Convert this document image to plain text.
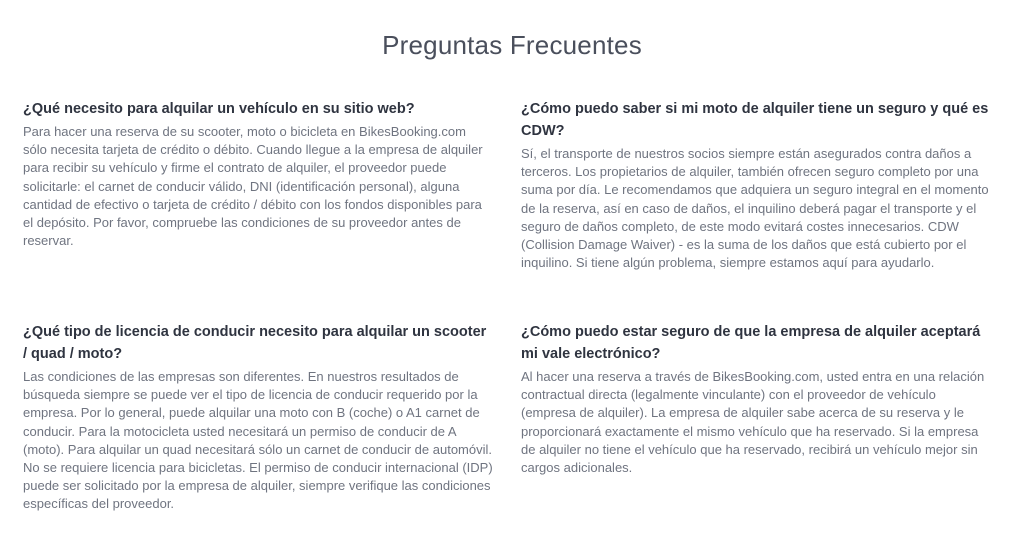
Preguntas Frecuentes
¿Qué necesito para alquilar un vehículo en su sitio web?
Para hacer una reserva de su scooter, moto o bicicleta en BikesBooking.com sólo necesita tarjeta de crédito o débito. Cuando llegue a la empresa de alquiler para recibir su vehículo y firme el contrato de alquiler, el proveedor puede solicitarle: el carnet de conducir válido, DNI (identificación personal), alguna cantidad de efectivo o tarjeta de crédito / débito con los fondos disponibles para el depósito. Por favor, compruebe las condiciones de su proveedor antes de reservar.
¿Cómo puedo saber si mi moto de alquiler tiene un seguro y qué es CDW?
Sí, el transporte de nuestros socios siempre están asegurados contra daños a terceros. Los propietarios de alquiler, también ofrecen seguro completo por una suma por día. Le recomendamos que adquiera un seguro integral en el momento de la reserva, así en caso de daños, el inquilino deberá pagar el transporte y el seguro de daños completo, de este modo evitará costes innecesarios. CDW (Collision Damage Waiver) - es la suma de los daños que está cubierto por el inquilino. Si tiene algún problema, siempre estamos aquí para ayudarlo.
¿Qué tipo de licencia de conducir necesito para alquilar un scooter / quad / moto?
Las condiciones de las empresas son diferentes. En nuestros resultados de búsqueda siempre se puede ver el tipo de licencia de conducir requerido por la empresa. Por lo general, puede alquilar una moto con B (coche) o A1 carnet de conducir. Para la motocicleta usted necesitará un permiso de conducir de A (moto). Para alquilar un quad necesitará sólo un carnet de conducir de automóvil. No se requiere licencia para bicicletas. El permiso de conducir internacional (IDP) puede ser solicitado por la empresa de alquiler, siempre verifique las condiciones específicas del proveedor.
¿Cómo puedo estar seguro de que la empresa de alquiler aceptará mi vale electrónico?
Al hacer una reserva a través de BikesBooking.com, usted entra en una relación contractual directa (legalmente vinculante) con el proveedor de vehículo (empresa de alquiler). La empresa de alquiler sabe acerca de su reserva y le proporcionará exactamente el mismo vehículo que ha reservado. Si la empresa de alquiler no tiene el vehículo que ha reservado, recibirá un vehículo mejor sin cargos adicionales.
